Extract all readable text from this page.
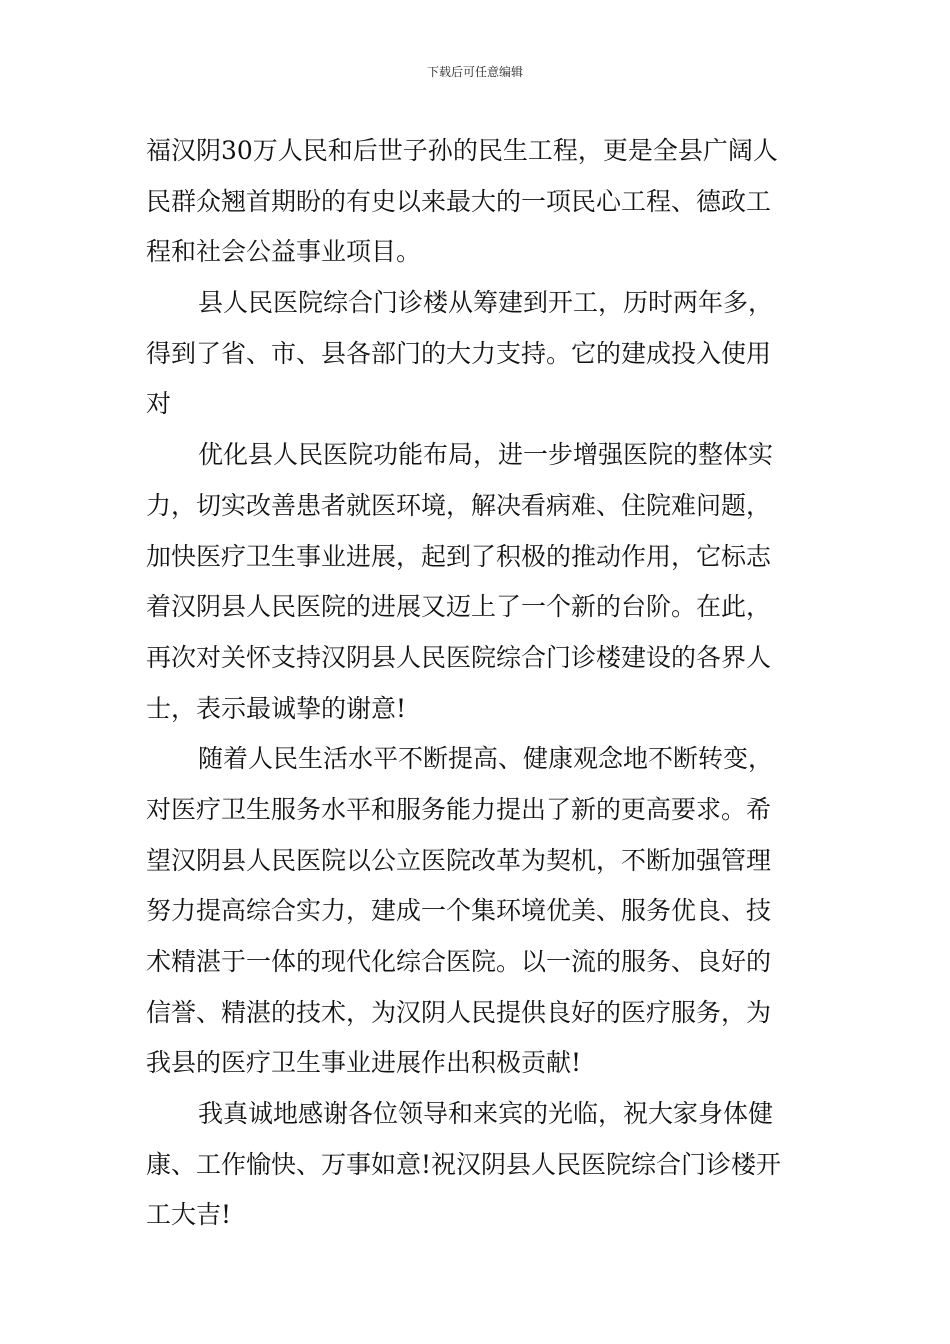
下载后可任意编辑
福汉阴30万人民和后世子孙的民生工程，更是全县广阔人
民群众翘首期盼的有史以来最大的一项民心工程、德政工
程和社会公益事业项目。
县人民医院综合门诊楼从筹建到开工，历时两年多，
得到了省、市、县各部门的大力支持。它的建成投入使用
对
优化县人民医院功能布局，进一步增强医院的整体实
力，切实改善患者就医环境，解决看病难、住院难问题，
加快医疗卫生事业进展，起到了积极的推动作用，它标志
着汉阴县人民医院的进展又迈上了一个新的台阶。在此，
再次对关怀支持汉阴县人民医院综合门诊楼建设的各界人
士，表示最诚挚的谢意!
随着人民生活水平不断提高、健康观念地不断转变，
对医疗卫生服务水平和服务能力提出了新的更高要求。希
望汉阴县人民医院以公立医院改革为契机，不断加强管理
努力提高综合实力，建成一个集环境优美、服务优良、技
术精湛于一体的现代化综合医院。以一流的服务、良好的
信誉、精湛的技术，为汉阴人民提供良好的医疗服务，为
我县的医疗卫生事业进展作出积极贡献!
我真诚地感谢各位领导和来宾的光临，祝大家身体健
康、工作愉快、万事如意!祝汉阴县人民医院综合门诊楼开
工大吉!
